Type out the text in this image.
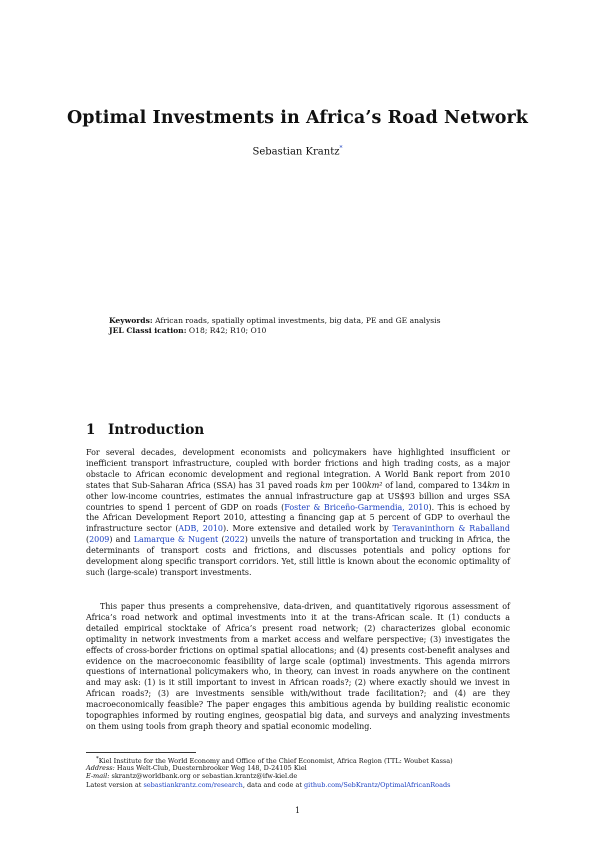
Optimal Investments in Africa’s Road Network
Sebastian Krantz*
Keywords: African roads, spatially optimal investments, big data, PE and GE analysis
JEL Classi ication: O18; R42; R10; O10
1 Introduction

For several decades, development economists and policymakers have highlighted insufficient or inefficient transport infrastructure, coupled with border frictions and high trading costs, as a major obstacle to African economic development and regional integration. A World Bank report from 2010 states that Sub-Saharan Africa (SSA) has 31 paved roads km per 100km² of land, compared to 134km in other low-income countries, estimates the annual infrastructure gap at US$93 billion and urges SSA countries to spend 1 percent of GDP on roads (Foster & Briceño-Garmendia, 2010). This is echoed by the African Development Report 2010, attesting a financing gap at 5 percent of GDP to overhaul the infrastructure sector (ADB, 2010). More extensive and detailed work by Teravaninthorn & Raballand (2009) and Lamarque & Nugent (2022) unveils the nature of transportation and trucking in Africa, the determinants of transport costs and frictions, and discusses potentials and policy options for development along specific transport corridors. Yet, still little is known about the economic optimality of such (large-scale) transport investments.

This paper thus presents a comprehensive, data-driven, and quantitatively rigorous assessment of Africa’s road network and optimal investments into it at the trans-African scale. It (1) conducts a detailed empirical stocktake of Africa’s present road network; (2) characterizes global economic optimality in network investments from a market access and welfare perspective; (3) investigates the effects of cross-border frictions on optimal spatial allocations; and (4) presents cost-benefit analyses and evidence on the macroeconomic feasibility of large scale (optimal) investments. This agenda mirrors questions of international policymakers who, in theory, can invest in roads anywhere on the continent and may ask: (1) is it still important to invest in African roads?; (2) where exactly should we invest in African roads?; (3) are investments sensible with/without trade facilitation?; and (4) are they macroeconomically feasible? The paper engages this ambitious agenda by building realistic economic topographies informed by routing engines, geospatial big data, and surveys and analyzing investments on them using tools from graph theory and spatial economic modeling.

*Kiel Institute for the World Economy and Office of the Chief Economist, Africa Region (TTL: Woubet Kassa)
Address: Haus Welt-Club, Duesternbrooker Weg 148, D-24105 Kiel
E-mail: skrantz@worldbank.org or sebastian.krantz@ifw-kiel.de
Latest version at sebastiankrantz.com/research, data and code at github.com/SebKrantz/OptimalAfricanRoads
1
